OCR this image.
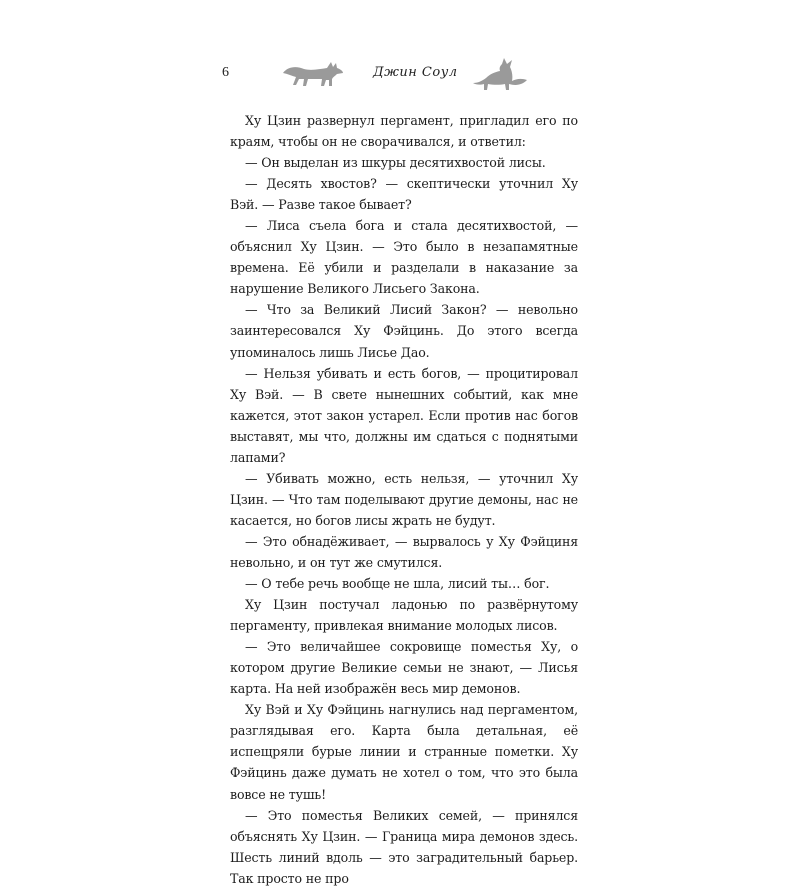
6	Джин Соул

Ху Цзин развернул пергамент, пригладил его по краям, чтобы он не сворачивался, и ответил:

— Он выделан из шкуры десятихвостой лисы.

— Десять хвостов? — скептически уточнил Ху Вэй. — Разве такое бывает?

— Лиса съела бога и стала десятихвостой, — объяснил Ху Цзин. — Это было в незапамятные времена. Её убили и разделали в наказание за нарушение Великого Лисьего Закона.

— Что за Великий Лисий Закон? — невольно заинтересовался Ху Фэйцинь. До этого всегда упоминалось лишь Лисье Дао.

— Нельзя убивать и есть богов, — процитировал Ху Вэй. — В свете нынешних событий, как мне кажется, этот закон устарел. Если против нас богов выставят, мы что, должны им сдаться с поднятыми лапами?

— Убивать можно, есть нельзя, — уточнил Ху Цзин. — Что там поделывают другие демоны, нас не касается, но богов лисы жрать не будут.

— Это обнадёживает, — вырвалось у Ху Фэйциня невольно, и он тут же смутился.

— О тебе речь вообще не шла, лисий ты… бог.

Ху Цзин постучал ладонью по развёрнутому пергаменту, привлекая внимание молодых лисов.

— Это величайшее сокровище поместья Ху, о котором другие Великие семьи не знают, — Лисья карта. На ней изображён весь мир демонов.

Ху Вэй и Ху Фэйцинь нагнулись над пергаментом, разглядывая его. Карта была детальная, её испещряли бурые линии и странные пометки. Ху Фэйцинь даже думать не хотел о том, что это была вовсе не тушь!

— Это поместья Великих семей, — принялся объяснять Ху Цзин. — Граница мира демонов здесь. Шесть линий вдоль — это заградительный барьер. Так просто не про
